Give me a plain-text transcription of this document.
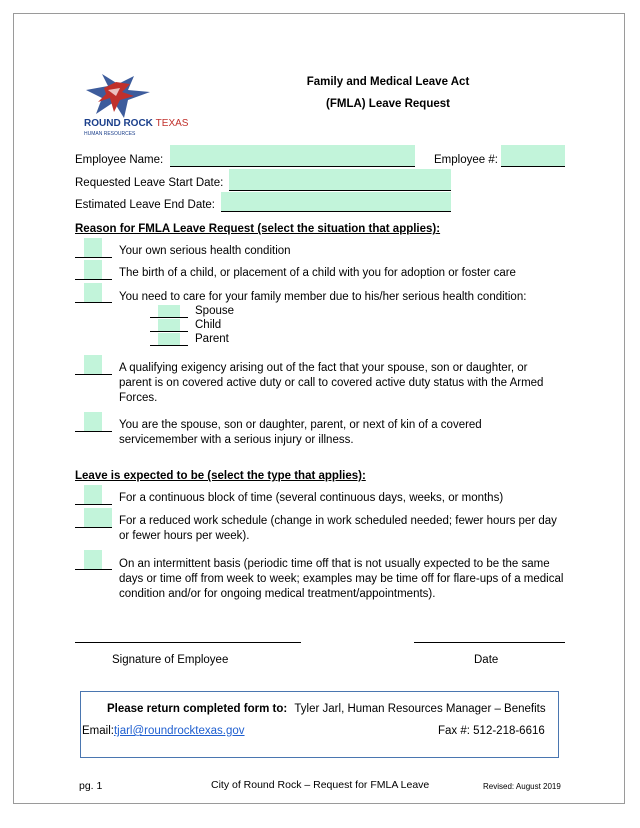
ROUND ROCK TEXAS
HUMAN RESOURCES
Family and Medical Leave Act
(FMLA) Leave Request
Employee Name:	Employee #:
Requested Leave Start Date:
Estimated Leave End Date:
Reason for FMLA Leave Request (select the situation that applies):
Your own serious health condition
The birth of a child, or placement of a child with you for adoption or foster care
You need to care for your family member due to his/her serious health condition:
Spouse
Child
Parent
A qualifying exigency arising out of the fact that your spouse, son or daughter, or parent is on covered active duty or call to covered active duty status with the Armed Forces.
You are the spouse, son or daughter, parent, or next of kin of a covered servicemember with a serious injury or illness.
Leave is expected to be (select the type that applies):
For a continuous block of time (several continuous days, weeks, or months)
For a reduced work schedule (change in work scheduled needed; fewer hours per day or fewer hours per week).
On an intermittent basis (periodic time off that is not usually expected to be the same days or time off from week to week; examples may be time off for flare-ups of a medical condition and/or for ongoing medical treatment/appointments).
Signature of Employee	Date
Please return completed form to: Tyler Jarl, Human Resources Manager – Benefits
Email:tjarl@roundrocktexas.gov	Fax #: 512-218-6616
pg. 1	City of Round Rock – Request for FMLA Leave	Revised: August 2019
